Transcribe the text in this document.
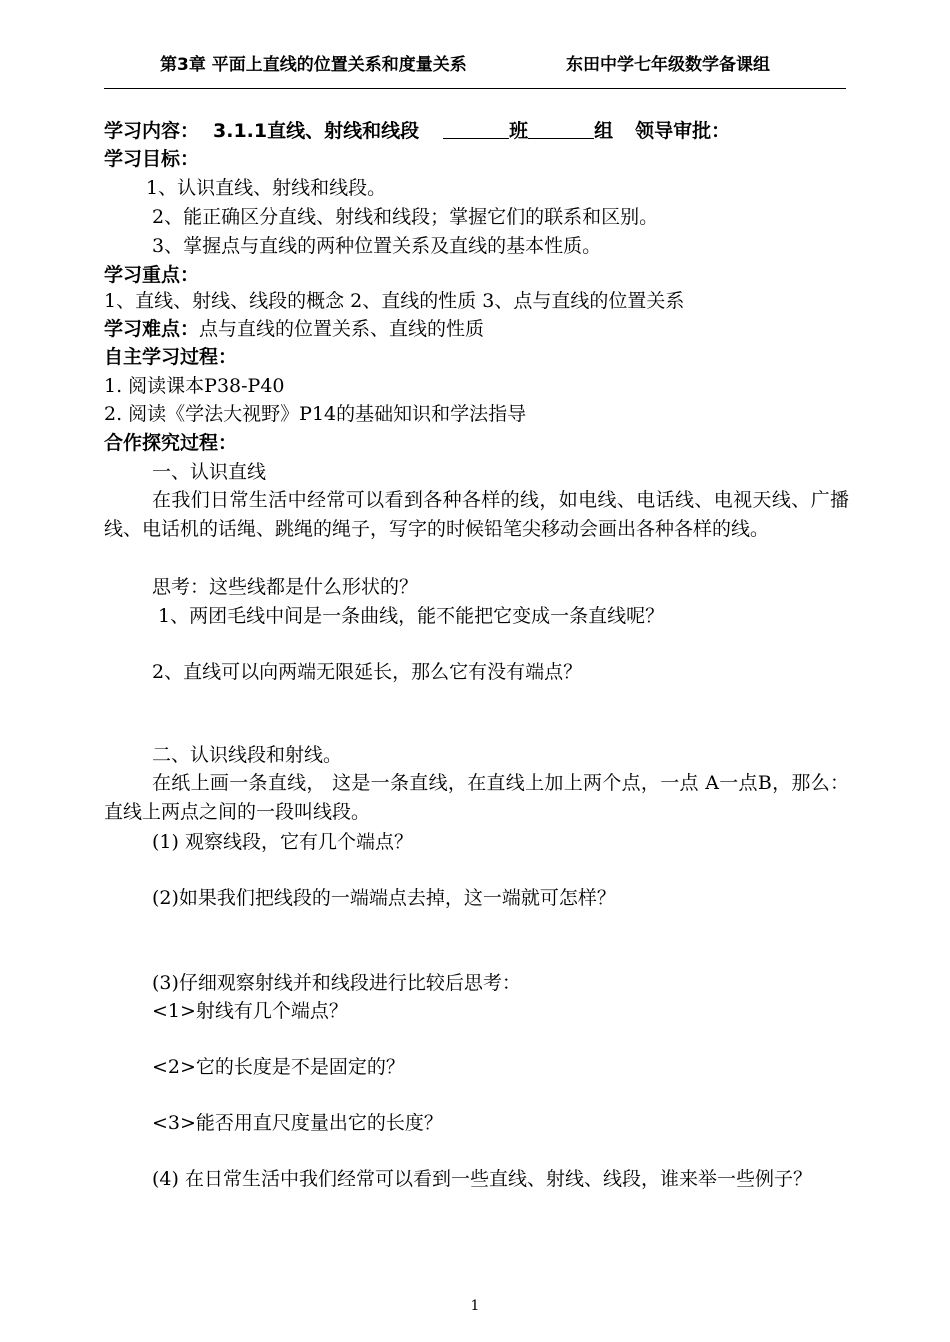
第3章 平面上直线的位置关系和度量关系	东田中学七年级数学备课组
学习内容： 3.1.1直线、射线和线段	班	组 领导审批：
学习目标：
1、认识直线、射线和线段。
2、能正确区分直线、射线和线段；掌握它们的联系和区别。
3、掌握点与直线的两种位置关系及直线的基本性质。
学习重点：
1、直线、射线、线段的概念 2、直线的性质 3、点与直线的位置关系
学习难点：点与直线的位置关系、直线的性质
自主学习过程：
1. 阅读课本P38-P40
2. 阅读《学法大视野》P14的基础知识和学法指导
合作探究过程：
一、认识直线
在我们日常生活中经常可以看到各种各样的线，如电线、电话线、电视天线、广播线、电话机的话绳、跳绳的绳子，写字的时候铅笔尖移动会画出各种各样的线。
思考：这些线都是什么形状的？
1、两团毛线中间是一条曲线，能不能把它变成一条直线呢？
2、直线可以向两端无限延长，那么它有没有端点？
二、认识线段和射线。
在纸上画一条直线， 这是一条直线，在直线上加上两个点，一点 A一点B，那么：直线上两点之间的一段叫线段。
(1) 观察线段，它有几个端点？
(2)如果我们把线段的一端端点去掉，这一端就可怎样？
(3)仔细观察射线并和线段进行比较后思考：
<1>射线有几个端点？
<2>它的长度是不是固定的？
<3>能否用直尺度量出它的长度？
(4) 在日常生活中我们经常可以看到一些直线、射线、线段，谁来举一些例子？
1
